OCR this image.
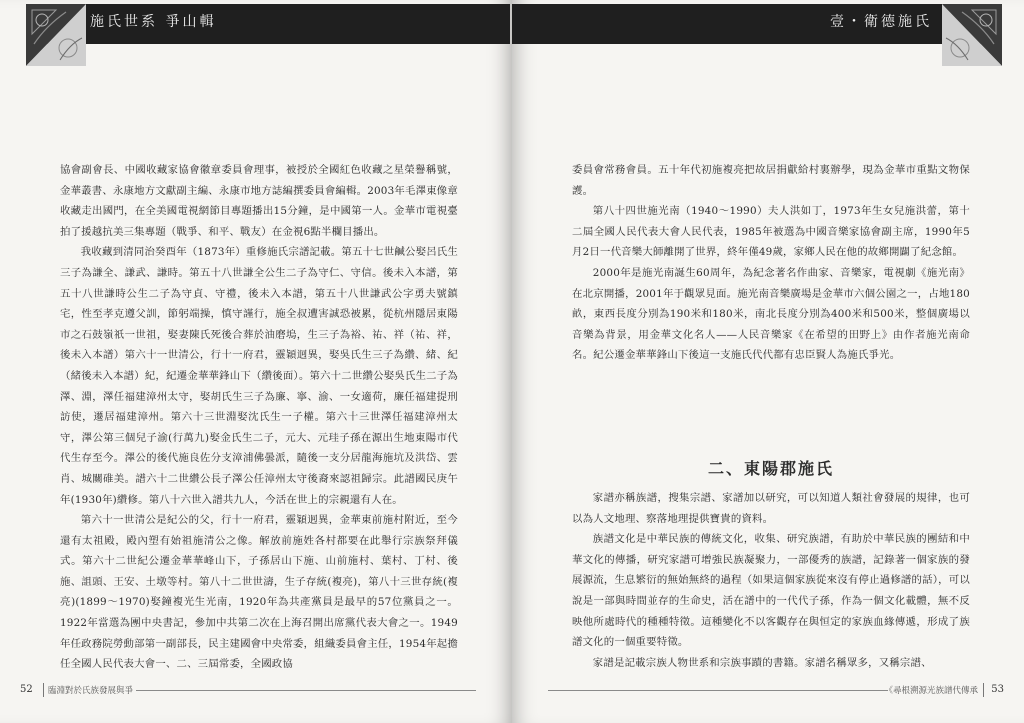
施氏世系 爭山輯

協會副會長、中國收藏家協會徽章委員會理事，被授於全國紅色收藏之星榮譽稱號，金華叢書、永康地方文獻副主編、永康市地方誌編撰委員會編輯。2003年毛澤東像章收藏走出國門，在全美國電視網節目專題播出15分鐘，是中國第一人。金華市電視臺拍了援越抗美三集專題（戰爭、和平、戰友）在金視6點半欄目播出。

我收藏到清同治癸酉年（1873年）重修施氏宗譜記載。第五十七世鹹公娶呂氏生三子為謙全、謙武、謙時。第五十八世謙全公生二子為守仁、守信。後未入本譜，第五十八世謙時公生二子為守貞、守禮，後未入本譜，第五十八世謙武公字勇夫號鎮宅，性至孝克遵父訓，節躬端操，慎守謹行，施全叔遭害誠恐被累，從杭州隱居東陽市之石鼓嶺祇一世祖，娶妻陳氏死後合葬於油磨塢，生三子為裕、祐、祥（祐、祥，後未入本譜）第六十一世清公，行十一府君，靈穎迥異，娶吳氏生三子為纘、緒、紀（緒後未入本譜）紀，紀遷金華華鋒山下（纘後面）。第六十二世纘公娶吳氏生二子為澤、淵，澤任福建漳州太守，娶胡氏生三子為廉、寧、渝、一女適荷，廉任福建提刑訪使，遷居福建漳州。第六十三世淵娶沈氏生一子權。第六十三世澤任福建漳州太守，澤公第三個兒子渝(行萬九)娶金氏生二子，元大、元珪子孫在源出生地東陽市代代生存至今。澤公的後代施良佐分支漳浦佛曇派，隨後一支分居龍海施坑及洪岱、雲肖、城關碓美。譜六十二世纘公長子澤公任漳州太守後裔來認祖歸宗。此譜國民庚午年(1930年)纘修。第八十六世入譜共九人，今活在世上的宗親還有人在。

第六十一世清公是紀公的父，行十一府君，靈穎迥異，金華東前施村附近，至今還有太祖殿，殿內塑有始祖施清公之像。解放前施姓各村都要在此舉行宗族祭拜儀式。第六十二世紀公遷金華華峰山下，子孫居山下施、山前施村、葉村、丁村、後施、詛頭、王安、土墩等村。第八十二世世濤，生子存統(複亮)，第八十三世存統(複亮)(1899～1970)娶鐘複光生光南，1920年為共產黨員是最早的57位黨員之一。1922年當選為團中央書記，參加中共第二次在上海召開出席黨代表大會之一。1949年任政務院勞動部第一副部長，民主建國會中央常委，組織委員會主任，1954年起擔任全國人民代表大會一、二、三屆常委，全國政協

52 臨淵對於氏族發展與爭
壹・衛德施氏

委員會常務會員。五十年代初施複亮把故居捐獻給村裏辦學，現為金華市重點文物保護。

第八十四世施光南（1940～1990）夫人洪如丁，1973年生女兒施洪蕾，第十二屆全國人民代表大會人民代表，1985年被選為中國音樂家協會副主席，1990年5月2日一代音樂大師離開了世界，終年僅49歲，家鄉人民在他的故鄉開闢了紀念館。

2000年是施光南誕生60周年，為紀念著名作曲家、音樂家，電視劇《施光南》在北京開播，2001年于觀眾見面。施光南音樂廣場是金華市六個公園之一，占地180畝，東西長度分別為190米和180米，南北長度分別為400米和500米，整個廣場以音樂為背景，用金華文化名人——人民音樂家《在希望的田野上》由作者施光南命名。紀公遷金華華鋒山下後這一支施氏代代都有忠臣賢人為施氏爭光。

二、東陽郡施氏

家譜亦稱族譜，搜集宗譜、家譜加以研究，可以知道人類社會發展的規律，也可以為人文地理、察落地理提供寶貴的資料。

族譜文化是中華民族的傳統文化，收集、研究族譜，有助於中華民族的團結和中華文化的傳播，研究家譜可增強民族凝聚力，一部優秀的族譜，記錄著一個家族的發展源流，生息繁衍的無始無終的過程（如果這個家族從來沒有停止過修譜的話），可以說是一部與時間並存的生命史，活在譜中的一代代子孫，作為一個文化載體，無不反映他所處時代的種種特徵。這種變化不以客觀存在與恒定的家族血緣傳遞，形成了族譜文化的一個重要特徵。

家譜是記載宗族人物世系和宗族事蹟的書籍。家譜名稱眾多，又稱宗譜、

《尋根溯源光族譜代傳承 53
